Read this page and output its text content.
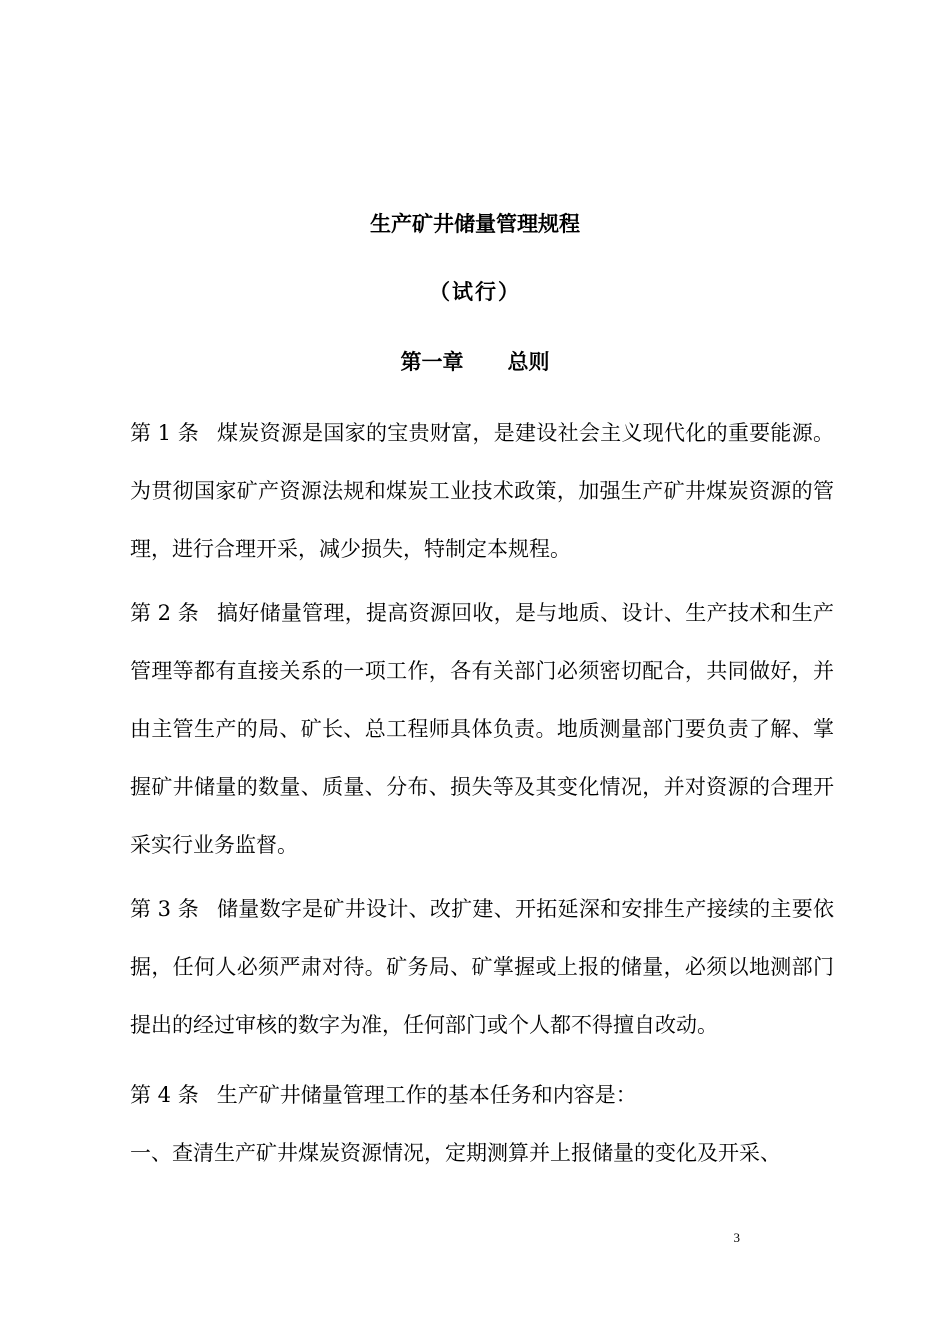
生产矿井储量管理规程
（试行）
第一章 总则

第 1 条 煤炭资源是国家的宝贵财富，是建设社会主义现代化的重要能源。为贯彻国家矿产资源法规和煤炭工业技术政策，加强生产矿井煤炭资源的管理，进行合理开采，减少损失，特制定本规程。

第 2 条 搞好储量管理，提高资源回收，是与地质、设计、生产技术和生产管理等都有直接关系的一项工作，各有关部门必须密切配合，共同做好，并由主管生产的局、矿长、总工程师具体负责。地质测量部门要负责了解、掌握矿井储量的数量、质量、分布、损失等及其变化情况，并对资源的合理开采实行业务监督。

第 3 条 储量数字是矿井设计、改扩建、开拓延深和安排生产接续的主要依据，任何人必须严肃对待。矿务局、矿掌握或上报的储量，必须以地测部门提出的经过审核的数字为准，任何部门或个人都不得擅自改动。

第 4 条 生产矿井储量管理工作的基本任务和内容是：

一、查清生产矿井煤炭资源情况，定期测算并上报储量的变化及开采、

3
